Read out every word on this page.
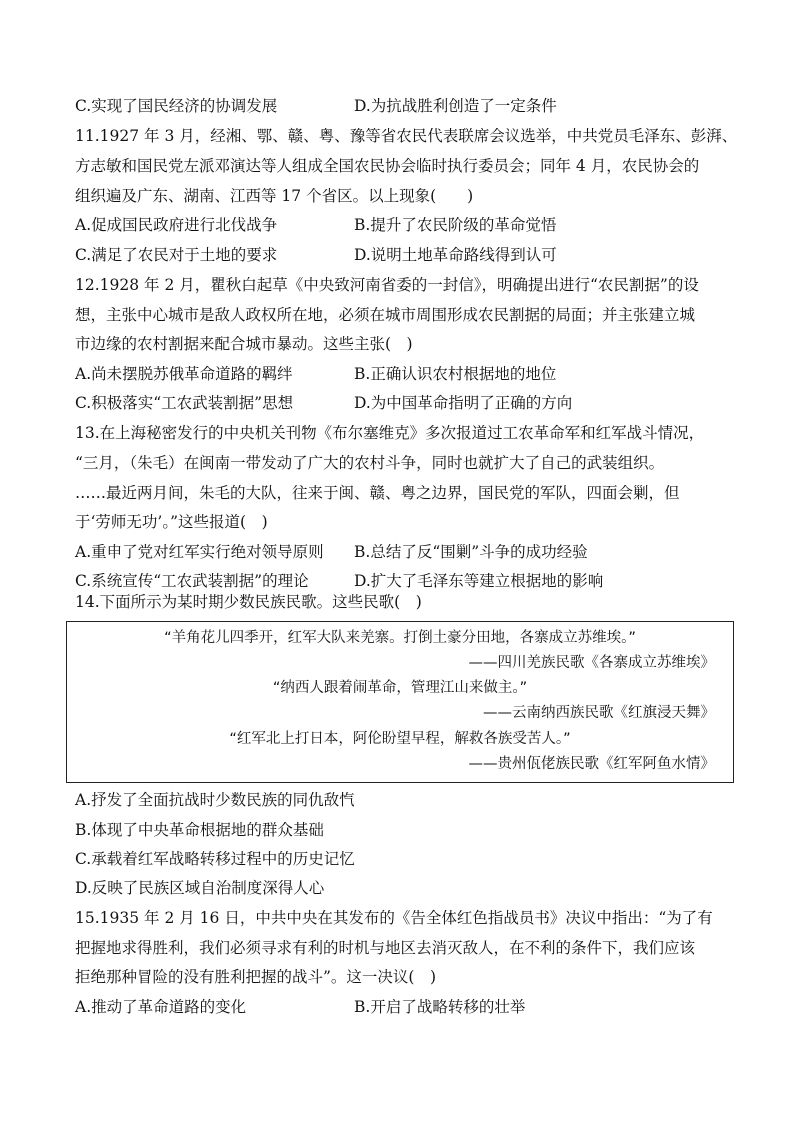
C.实现了国民经济的协调发展	D.为抗战胜利创造了一定条件
11.1927 年 3 月，经湘、鄂、赣、粤、豫等省农民代表联席会议选举，中共党员毛泽东、彭湃、
方志敏和国民党左派邓演达等人组成全国农民协会临时执行委员会；同年 4 月，农民协会的
组织遍及广东、湖南、江西等 17 个省区。以上现象(　　)
A.促成国民政府进行北伐战争	B.提升了农民阶级的革命觉悟
C.满足了农民对于土地的要求	D.说明土地革命路线得到认可
12.1928 年 2 月，瞿秋白起草《中央致河南省委的一封信》，明确提出进行“农民割据”的设
想，主张中心城市是敌人政权所在地，必须在城市周围形成农民割据的局面；并主张建立城
市边缘的农村割据来配合城市暴动。这些主张(　)
A.尚未摆脱苏俄革命道路的羁绊	B.正确认识农村根据地的地位
C.积极落实“工农武装割据”思想	D.为中国革命指明了正确的方向
13.在上海秘密发行的中央机关刊物《布尔塞维克》多次报道过工农革命军和红军战斗情况，
“三月，（朱毛）在闽南一带发动了广大的农村斗争，同时也就扩大了自己的武装组织。
……最近两月间，朱毛的大队，往来于闽、赣、粤之边界，国民党的军队，四面会剿，但
于‘劳师无功’。”这些报道(　)
A.重申了党对红军实行绝对领导原则 B.总结了反“围剿”斗争的成功经验
C.系统宣传“工农武装割据”的理论	D.扩大了毛泽东等建立根据地的影响
14.下面所示为某时期少数民族民歌。这些民歌(　)
“羊角花儿四季开，红军大队来羌寨。打倒土豪分田地，各寨成立苏维埃。”
——四川羌族民歌《各寨成立苏维埃》
“纳西人跟着闹革命，管理江山来做主。”
——云南纳西族民歌《红旗浸天舞》
“红军北上打日本，阿伦盼望早程，解救各族受苦人。”
——贵州佤佬族民歌《红军阿鱼水情》
A.抒发了全面抗战时少数民族的同仇敌忾
B.体现了中央革命根据地的群众基础
C.承载着红军战略转移过程中的历史记忆
D.反映了民族区域自治制度深得人心
15.1935 年 2 月 16 日，中共中央在其发布的《告全体红色指战员书》决议中指出：“为了有
把握地求得胜利，我们必须寻求有利的时机与地区去消灭敌人，在不利的条件下，我们应该
拒绝那种冒险的没有胜利把握的战斗”。这一决议(　)
A.推动了革命道路的变化	B.开启了战略转移的壮举
